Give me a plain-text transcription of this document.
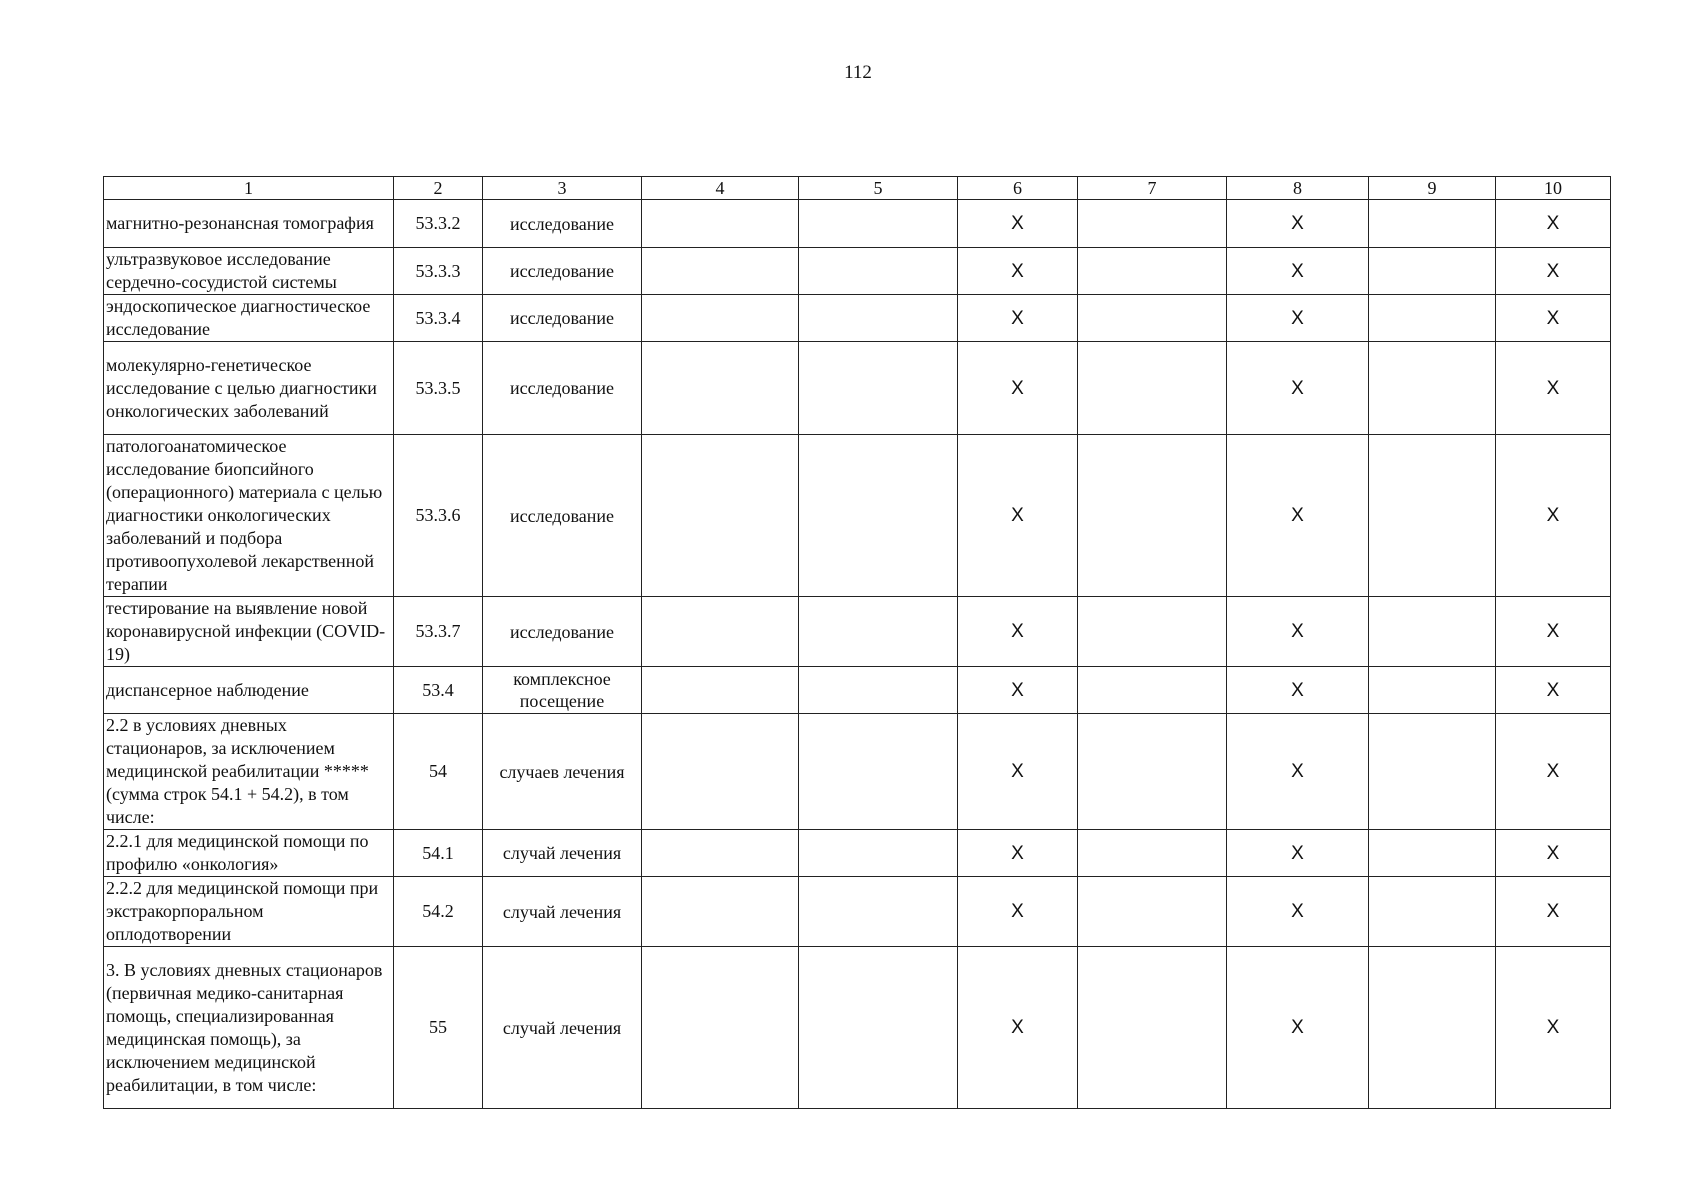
112
1	2	3	4	5	6	7	8	9	10
магнитно-резонансная томография	53.3.2	исследование			Х		Х		Х
ультразвуковое исследование сердечно-сосудистой системы	53.3.3	исследование			Х		Х		Х
эндоскопическое диагностическое исследование	53.3.4	исследование			Х		Х		Х
молекулярно-генетическое исследование с целью диагностики онкологических заболеваний	53.3.5	исследование			Х		Х		Х
патологоанатомическое исследование биопсийного (операционного) материала с целью диагностики онкологических заболеваний и подбора противоопухолевой лекарственной терапии	53.3.6	исследование			Х		Х		Х
тестирование на выявление новой коронавирусной инфекции (COVID-19)	53.3.7	исследование			Х		Х		Х
диспансерное наблюдение	53.4	комплексное посещение			Х		Х		Х
2.2 в условиях дневных стационаров, за исключением медицинской реабилитации ***** (сумма строк 54.1 + 54.2), в том числе:	54	случаев лечения			Х		Х		Х
2.2.1 для медицинской помощи по профилю «онкология»	54.1	случай лечения			Х		Х		Х
2.2.2 для медицинской помощи при экстракорпоральном оплодотворении	54.2	случай лечения			Х		Х		Х
3. В условиях дневных стационаров (первичная медико-санитарная помощь, специализированная медицинская помощь), за исключением медицинской реабилитации, в том числе:	55	случай лечения			Х		Х		Х
